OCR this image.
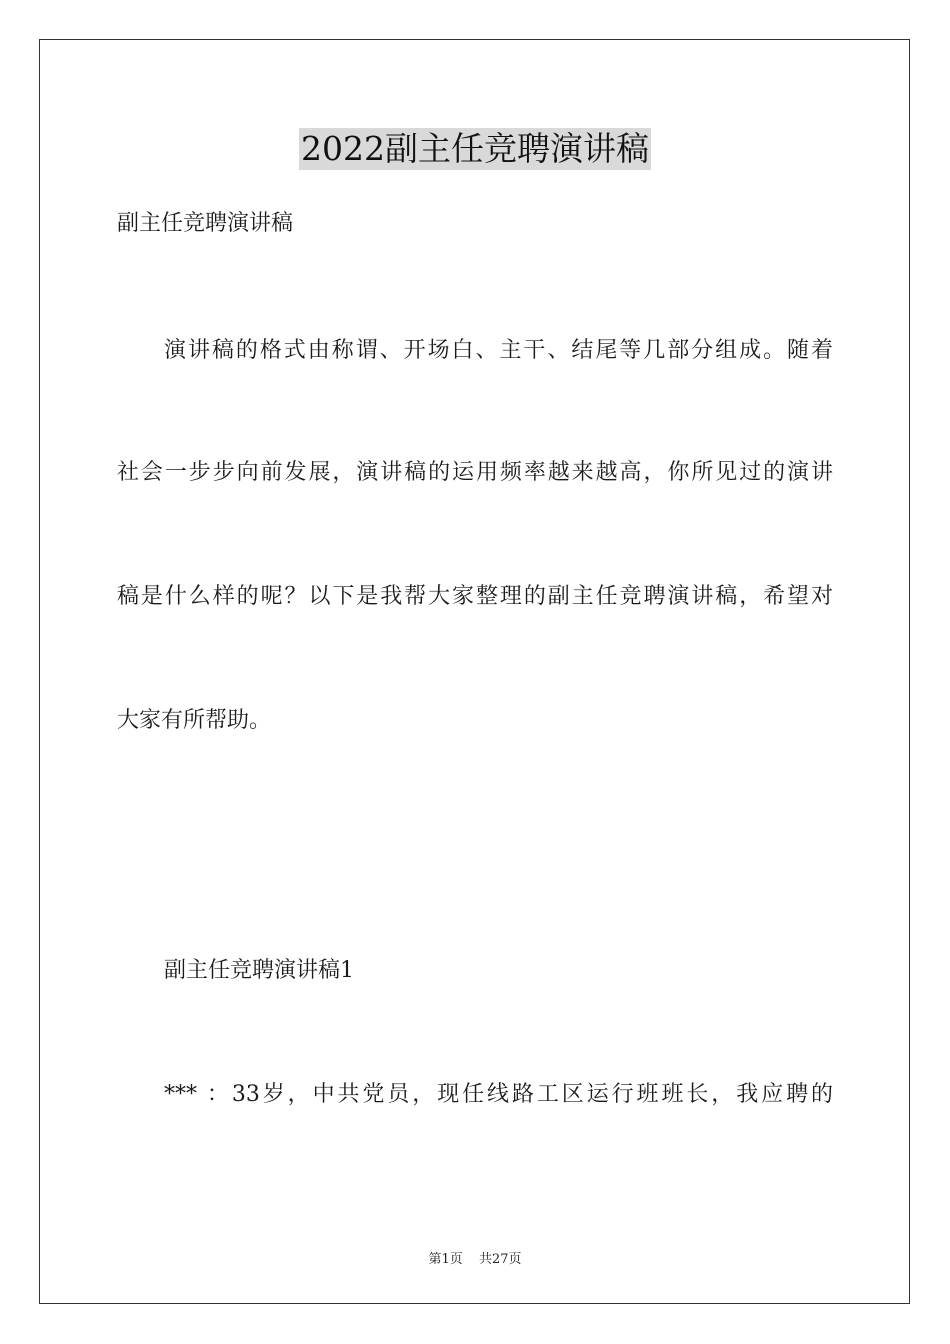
2022副主任竞聘演讲稿
副主任竞聘演讲稿
演讲稿的格式由称谓、开场白、主干、结尾等几部分组成。随着
社会一步步向前发展，演讲稿的运用频率越来越高，你所见过的演讲
稿是什么样的呢？以下是我帮大家整理的副主任竞聘演讲稿，希望对
大家有所帮助。
副主任竞聘演讲稿1
*** ：33岁，中共党员，现任线路工区运行班班长，我应聘的
第1页 共27页
